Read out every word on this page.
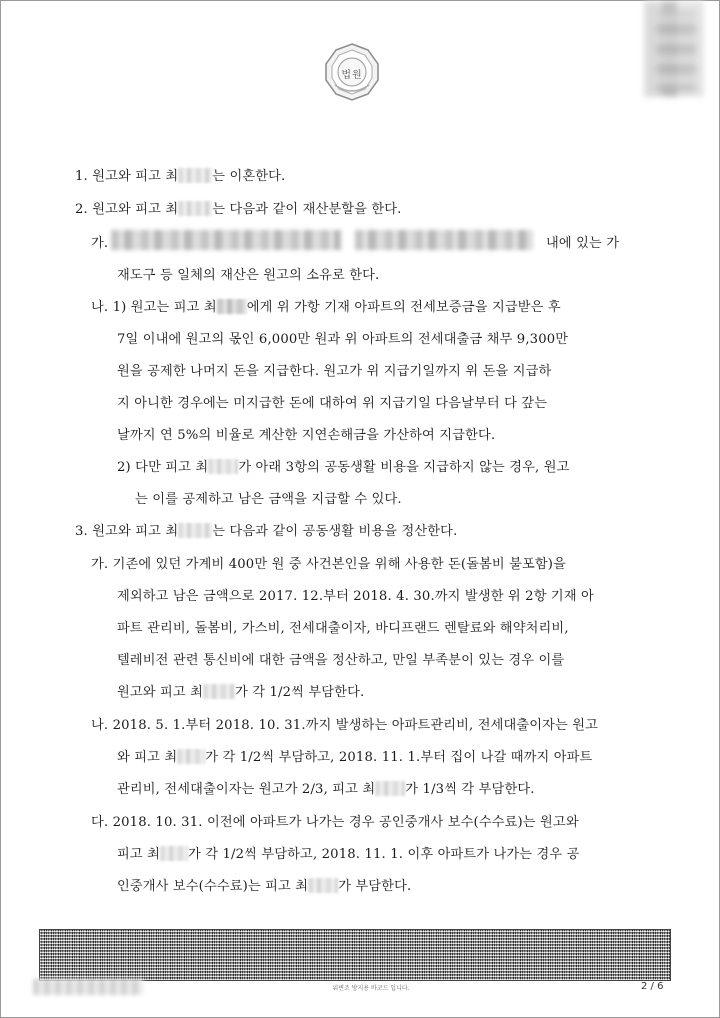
법원
1. 원고와 피고 최	는 이혼한다.
2. 원고와 피고 최	는 다음과 같이 재산분할을 한다.
가.	내에 있는 가
재도구 등 일체의 재산은 원고의 소유로 한다.
나. 1) 원고는 피고 최 에게 위 가항 기재 아파트의 전세보증금을 지급받은 후
7일 이내에 원고의 몫인 6,000만 원과 위 아파트의 전세대출금 채무 9,300만
원을 공제한 나머지 돈을 지급한다. 원고가 위 지급기일까지 위 돈을 지급하
지 아니한 경우에는 미지급한 돈에 대하여 위 지급기일 다음날부터 다 갚는
날까지 연 5%의 비율로 계산한 지연손해금을 가산하여 지급한다.
2) 다만 피고 최 가 아래 3항의 공동생활 비용을 지급하지 않는 경우, 원고
는 이를 공제하고 남은 금액을 지급할 수 있다.
3. 원고와 피고 최	는 다음과 같이 공동생활 비용을 정산한다.
가. 기존에 있던 가계비 400만 원 중 사건본인을 위해 사용한 돈(돌봄비 불포함)을
제외하고 남은 금액으로 2017. 12.부터 2018. 4. 30.까지 발생한 위 2항 기재 아
파트 관리비, 돌봄비, 가스비, 전세대출이자, 바디프랜드 렌탈료와 해약처리비,
텔레비전 관련 통신비에 대한 금액을 정산하고, 만일 부족분이 있는 경우 이를
원고와 피고 최 가 각 1/2씩 부담한다.
나. 2018. 5. 1.부터 2018. 10. 31.까지 발생하는 아파트관리비, 전세대출이자는 원고
와 피고 최 가 각 1/2씩 부담하고, 2018. 11. 1.부터 집이 나갈 때까지 아파트
관리비, 전세대출이자는 원고가 2/3, 피고 최 가 1/3씩 각 부담한다.
다. 2018. 10. 31. 이전에 아파트가 나가는 경우 공인중개사 보수(수수료)는 원고와
피고 최 가 각 1/2씩 부담하고, 2018. 11. 1. 이후 아파트가 나가는 경우 공
인중개사 보수(수수료)는 피고 최 가 부담한다.
위변조 방지용 바코드 입니다.	2 / 6
